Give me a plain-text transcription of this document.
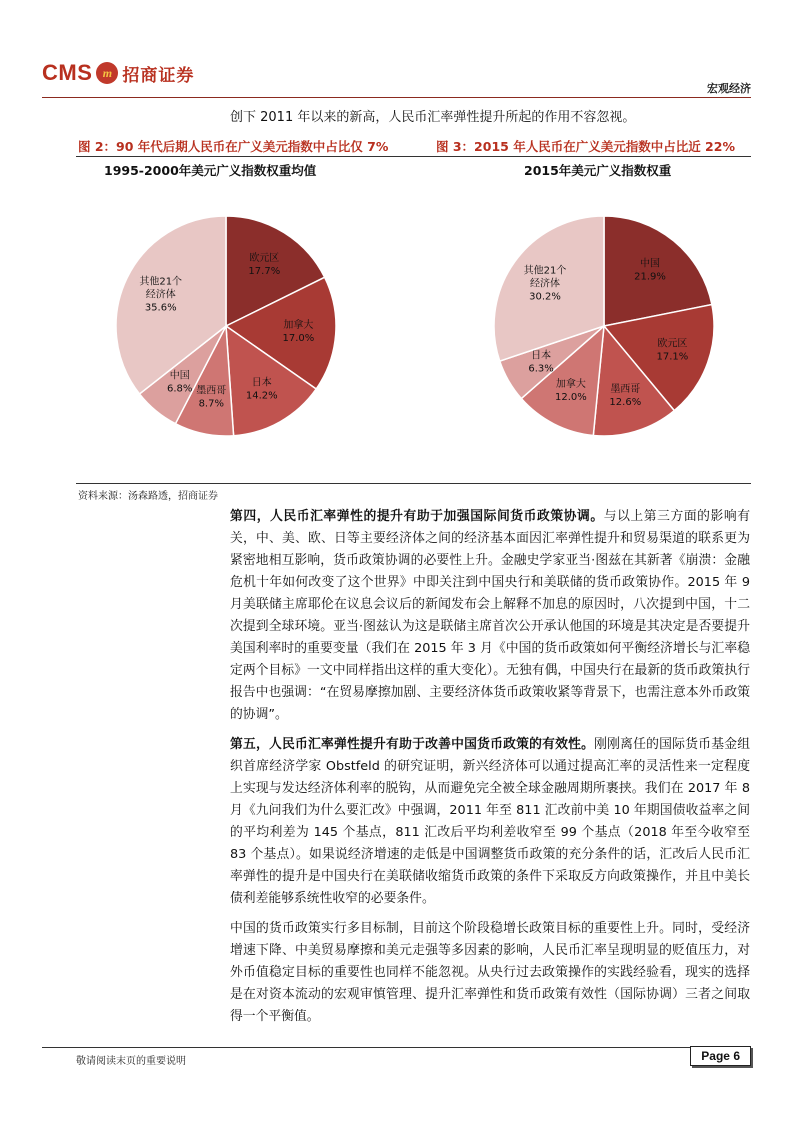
CMS m 招商证券
宏观经济
创下 2011 年以来的新高，人民币汇率弹性提升所起的作用不容忽视。
图 2：90 年代后期人民币在广义美元指数中占比仅 7%	图 3：2015 年人民币在广义美元指数中占比近 22%
1995-2000年美元广义指数权重均值	2015年美元广义指数权重
欧元区
17.7%
加拿大
17.0%
日本
14.2%
墨西哥
8.7%
中国
6.8%
其他21个
经济体
35.6%
中国
21.9%
欧元区
17.1%
墨西哥
12.6%
加拿大
12.0%
日本
6.3%
其他21个
经济体
30.2%
资料来源：汤森路透，招商证券

第四，人民币汇率弹性的提升有助于加强国际间货币政策协调。与以上第三方面的影响有关，中、美、欧、日等主要经济体之间的经济基本面因汇率弹性提升和贸易渠道的联系更为紧密地相互影响，货币政策协调的必要性上升。金融史学家亚当·图兹在其新著《崩溃：金融危机十年如何改变了这个世界》中即关注到中国央行和美联储的货币政策协作。2015 年 9 月美联储主席耶伦在议息会议后的新闻发布会上解释不加息的原因时，八次提到中国，十二次提到全球环境。亚当·图兹认为这是联储主席首次公开承认他国的环境是其决定是否要提升美国利率时的重要变量（我们在 2015 年 3 月《中国的货币政策如何平衡经济增长与汇率稳定两个目标》一文中同样指出这样的重大变化）。无独有偶，中国央行在最新的货币政策执行报告中也强调：“在贸易摩擦加剧、主要经济体货币政策收紧等背景下，也需注意本外币政策的协调”。

第五，人民币汇率弹性提升有助于改善中国货币政策的有效性。刚刚离任的国际货币基金组织首席经济学家 Obstfeld 的研究证明，新兴经济体可以通过提高汇率的灵活性来一定程度上实现与发达经济体利率的脱钩，从而避免完全被全球金融周期所裹挟。我们在 2017 年 8 月《九问我们为什么要汇改》中强调，2011 年至 811 汇改前中美 10 年期国债收益率之间的平均利差为 145 个基点，811 汇改后平均利差收窄至 99 个基点（2018 年至今收窄至 83 个基点）。如果说经济增速的走低是中国调整货币政策的充分条件的话，汇改后人民币汇率弹性的提升是中国央行在美联储收缩货币政策的条件下采取反方向政策操作，并且中美长债利差能够系统性收窄的必要条件。

中国的货币政策实行多目标制，目前这个阶段稳增长政策目标的重要性上升。同时，受经济增速下降、中美贸易摩擦和美元走强等多因素的影响，人民币汇率呈现明显的贬值压力，对外币值稳定目标的重要性也同样不能忽视。从央行过去政策操作的实践经验看，现实的选择是在对资本流动的宏观审慎管理、提升汇率弹性和货币政策有效性（国际协调）三者之间取得一个平衡值。

敬请阅读末页的重要说明	Page 6
